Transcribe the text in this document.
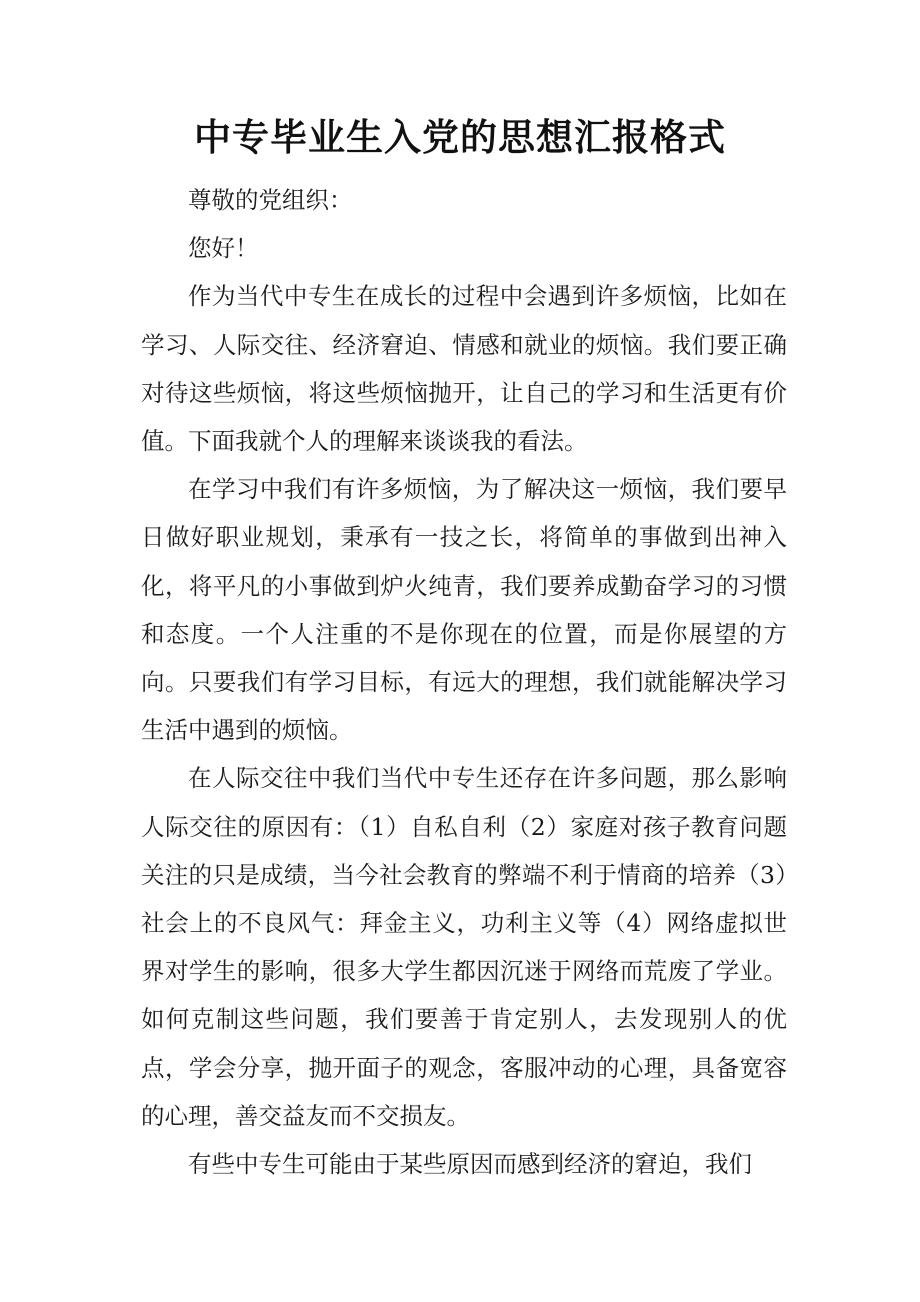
中专毕业生入党的思想汇报格式

尊敬的党组织：

您好！

作为当代中专生在成长的过程中会遇到许多烦恼，比如在学习、人际交往、经济窘迫、情感和就业的烦恼。我们要正确对待这些烦恼，将这些烦恼抛开，让自己的学习和生活更有价值。下面我就个人的理解来谈谈我的看法。

在学习中我们有许多烦恼，为了解决这一烦恼，我们要早日做好职业规划，秉承有一技之长，将简单的事做到出神入化，将平凡的小事做到炉火纯青，我们要养成勤奋学习的习惯和态度。一个人注重的不是你现在的位置，而是你展望的方向。只要我们有学习目标，有远大的理想，我们就能解决学习生活中遇到的烦恼。

在人际交往中我们当代中专生还存在许多问题，那么影响人际交往的原因有：（1）自私自利（2）家庭对孩子教育问题关注的只是成绩，当今社会教育的弊端不利于情商的培养（3）社会上的不良风气：拜金主义，功利主义等（4）网络虚拟世界对学生的影响，很多大学生都因沉迷于网络而荒废了学业。如何克制这些问题，我们要善于肯定别人，去发现别人的优点，学会分享，抛开面子的观念，客服冲动的心理，具备宽容的心理，善交益友而不交损友。

有些中专生可能由于某些原因而感到经济的窘迫，我们
